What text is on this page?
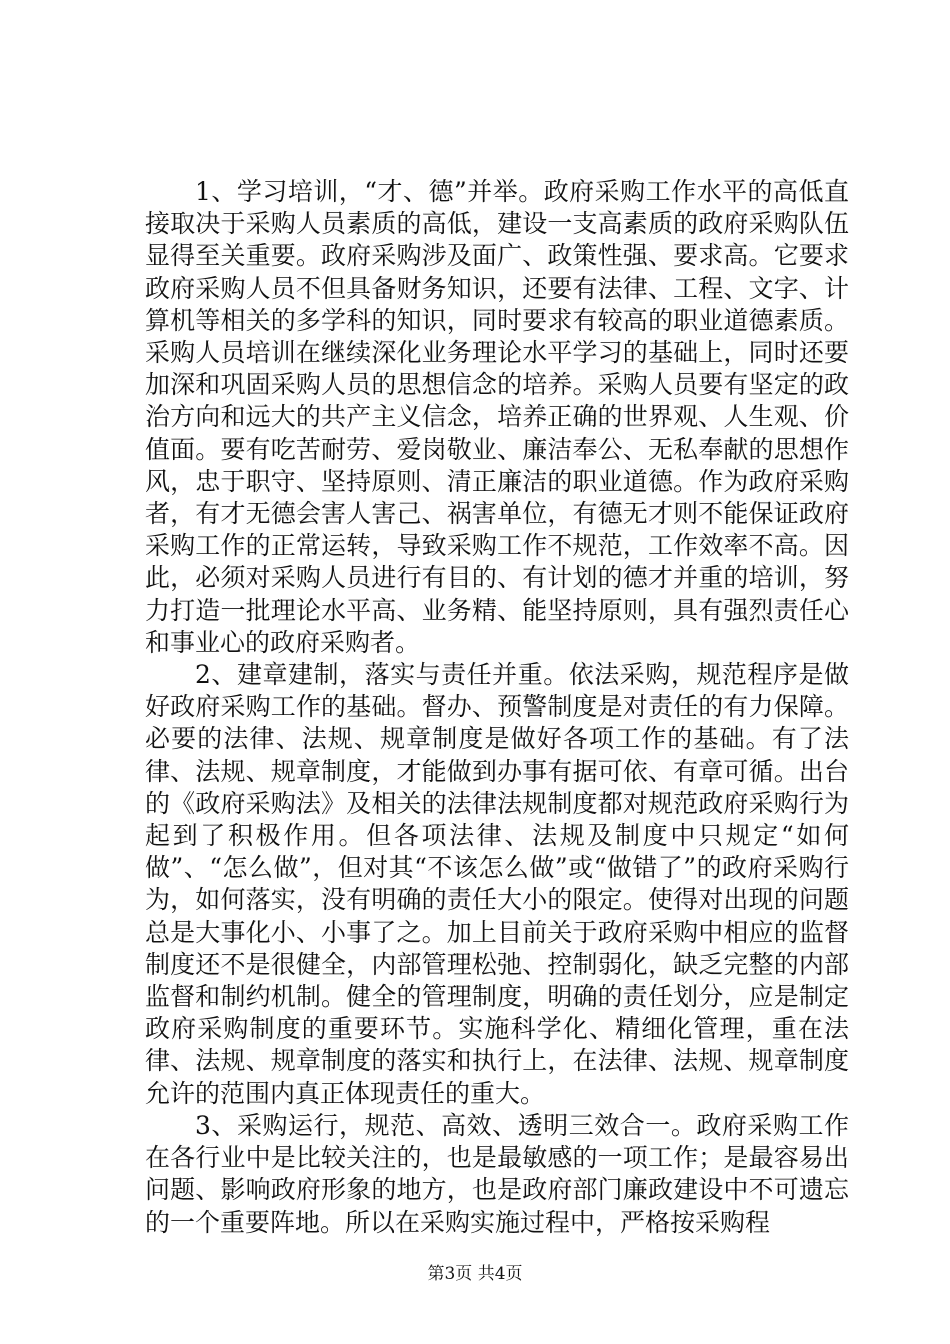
1、学习培训，“才、德”并举。政府采购工作水平的高低直接取决于采购人员素质的高低，建设一支高素质的政府采购队伍显得至关重要。政府采购涉及面广、政策性强、要求高。它要求政府采购人员不但具备财务知识，还要有法律、工程、文字、计算机等相关的多学科的知识，同时要求有较高的职业道德素质。采购人员培训在继续深化业务理论水平学习的基础上，同时还要加深和巩固采购人员的思想信念的培养。采购人员要有坚定的政治方向和远大的共产主义信念，培养正确的世界观、人生观、价值面。要有吃苦耐劳、爱岗敬业、廉洁奉公、无私奉献的思想作风，忠于职守、坚持原则、清正廉洁的职业道德。作为政府采购者，有才无德会害人害己、祸害单位，有德无才则不能保证政府采购工作的正常运转，导致采购工作不规范，工作效率不高。因此，必须对采购人员进行有目的、有计划的德才并重的培训，努力打造一批理论水平高、业务精、能坚持原则，具有强烈责任心和事业心的政府采购者。

2、建章建制，落实与责任并重。依法采购，规范程序是做好政府采购工作的基础。督办、预警制度是对责任的有力保障。必要的法律、法规、规章制度是做好各项工作的基础。有了法律、法规、规章制度，才能做到办事有据可依、有章可循。出台的《政府采购法》及相关的法律法规制度都对规范政府采购行为起到了积极作用。但各项法律、法规及制度中只规定“如何做”、“怎么做”，但对其“不该怎么做”或“做错了”的政府采购行为，如何落实，没有明确的责任大小的限定。使得对出现的问题总是大事化小、小事了之。加上目前关于政府采购中相应的监督制度还不是很健全，内部管理松弛、控制弱化，缺乏完整的内部监督和制约机制。健全的管理制度，明确的责任划分，应是制定政府采购制度的重要环节。实施科学化、精细化管理，重在法律、法规、规章制度的落实和执行上，在法律、法规、规章制度允许的范围内真正体现责任的重大。

3、采购运行，规范、高效、透明三效合一。政府采购工作在各行业中是比较关注的，也是最敏感的一项工作；是最容易出问题、影响政府形象的地方，也是政府部门廉政建设中不可遗忘的一个重要阵地。所以在采购实施过程中，严格按采购程

第3页 共4页
